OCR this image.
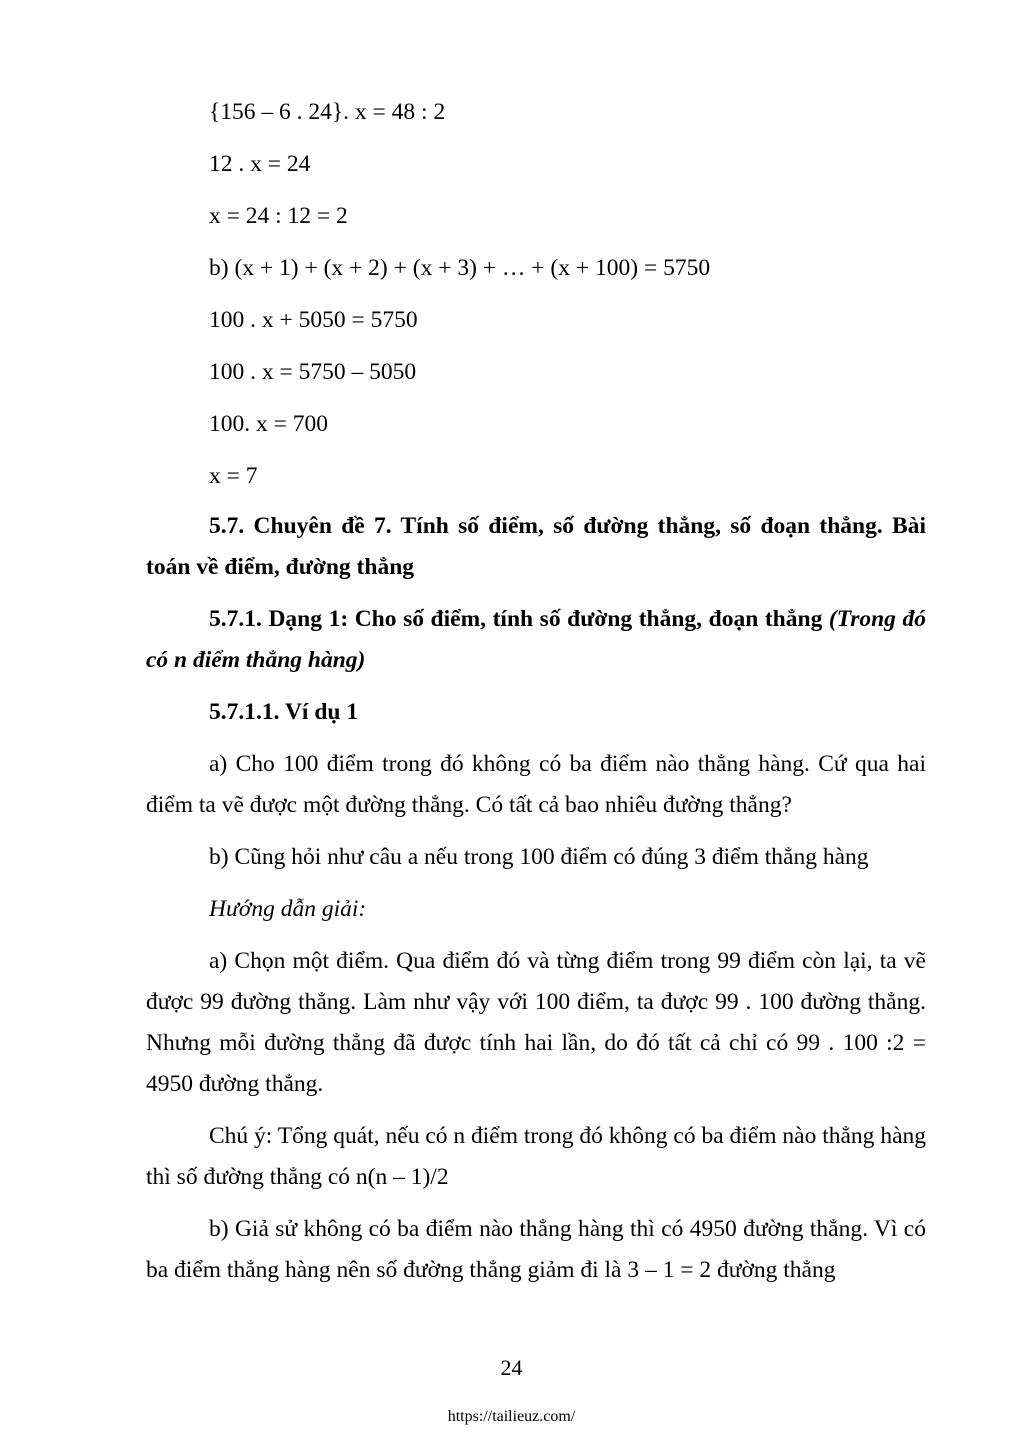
{156 – 6 . 24}. x = 48 : 2
12 . x = 24
x = 24 : 12 = 2
b) (x + 1) + (x + 2) + (x + 3) + … + (x + 100) = 5750
100 . x + 5050 = 5750
100 . x = 5750 – 5050
100. x = 700
x = 7
5.7. Chuyên đề 7. Tính số điểm, số đường thẳng, số đoạn thẳng. Bài toán về điểm, đường thẳng
5.7.1. Dạng 1: Cho số điểm, tính số đường thẳng, đoạn thẳng (Trong đó có n điểm thẳng hàng)
5.7.1.1. Ví dụ 1
a) Cho 100 điểm trong đó không có ba điểm nào thẳng hàng. Cứ qua hai điểm ta vẽ được một đường thẳng. Có tất cả bao nhiêu đường thẳng?
b) Cũng hỏi như câu a nếu trong 100 điểm có đúng 3 điểm thẳng hàng
Hướng dẫn giải:
a) Chọn một điểm. Qua điểm đó và từng điểm trong 99 điểm còn lại, ta vẽ được 99 đường thẳng. Làm như vậy với 100 điểm, ta được 99 . 100 đường thẳng. Nhưng mỗi đường thẳng đã được tính hai lần, do đó tất cả chỉ có 99 . 100 :2 = 4950 đường thẳng.
Chú ý: Tổng quát, nếu có n điểm trong đó không có ba điểm nào thẳng hàng thì số đường thẳng có n(n – 1)/2
b) Giả sử không có ba điểm nào thẳng hàng thì có 4950 đường thẳng. Vì có ba điểm thẳng hàng nên số đường thẳng giảm đi là 3 – 1 = 2 đường thẳng
24
https://tailieuz.com/
